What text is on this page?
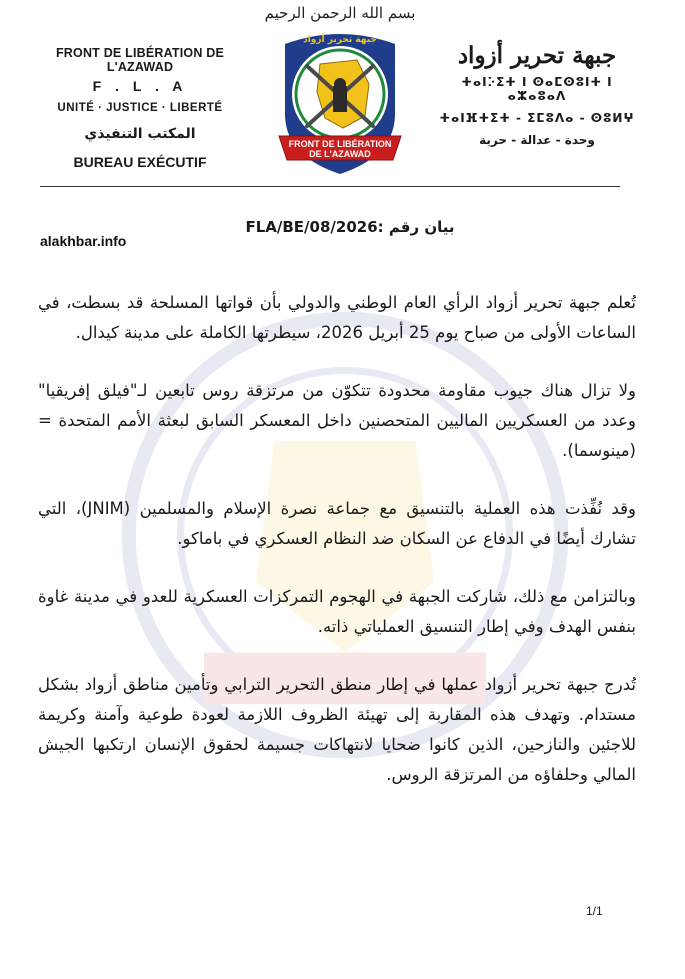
بسم الله الرحمن الرحيم
FRONT DE LIBÉRATION DE L'AZAWAD
F . L . A
UNITÉ · JUSTICE · LIBERTÉ
المكتب التنفيذي
BUREAU EXÉCUTIF
FRONT DE LIBÉRATION
DE L'AZAWAD
جبهة تحرير أزواد
جبهة تحرير أزواد
ⵜⴰⵏⴾⵉⵜ ⵏ ⵙⴰⵎⵙⵓⵏⵜ ⵏ ⴰⵣⴰⵓⴰⴷ
ⵜⴰⵏⴼⵜⵉⵜ - ⵉⵎⵓⴷⴰ - ⵙⵓⵍⵖ
وحدة - عدالة - حرية
بيان رقم :2026/FLA/BE/08
alakhbar.info

تُعلم جبهة تحرير أزواد الرأي العام الوطني والدولي بأن قواتها المسلحة قد بسطت، في الساعات الأولى من صباح يوم 25 أبريل 2026، سيطرتها الكاملة على مدينة كيدال.

ولا تزال هناك جيوب مقاومة محدودة تتكوّن من مرتزقة روس تابعين لـ"فيلق إفريقيا" وعدد من العسكريين الماليين المتحصنين داخل المعسكر السابق لبعثة الأمم المتحدة =(مينوسما).

وقد نُفِّذت هذه العملية بالتنسيق مع جماعة نصرة الإسلام والمسلمين (JNIM)، التي تشارك أيضًا في الدفاع عن السكان ضد النظام العسكري في باماكو.

وبالتزامن مع ذلك، شاركت الجبهة في الهجوم التمركزات العسكرية للعدو في مدينة غاوة بنفس الهدف وفي إطار التنسيق العملياتي ذاته.

تُدرج جبهة تحرير أزواد عملها في إطار منطق التحرير الترابي وتأمين مناطق أزواد بشكل مستدام. وتهدف هذه المقاربة إلى تهيئة الظروف اللازمة لعودة طوعية وآمنة وكريمة للاجئين والنازحين، الذين كانوا ضحايا لانتهاكات جسيمة لحقوق الإنسان ارتكبها الجيش المالي وحلفاؤه من المرتزقة الروس.

1/1
